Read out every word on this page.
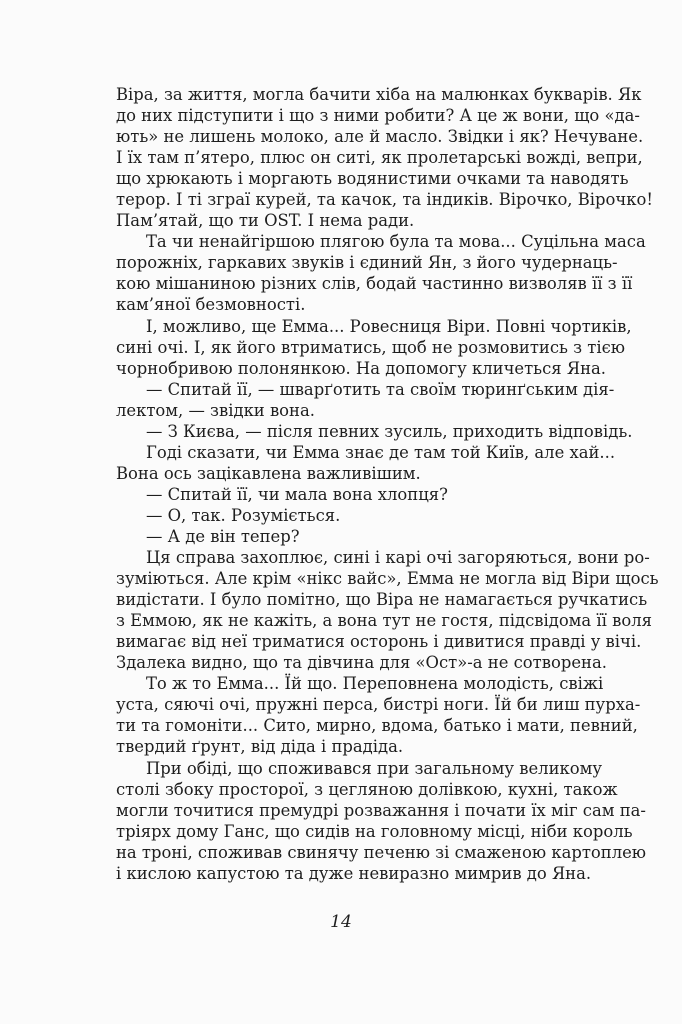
Віра, за життя, могла бачити хіба на малюнках букварів. Як
до них підступити і що з ними робити? А це ж вони, що «да-
ють» не лишень молоко, але й масло. Звідки і як? Нечуване.
І їх там п’ятеро, плюс он ситі, як пролетарські вожді, вепри,
що хрюкають і моргають водянистими очками та наводять
терор. І ті зграї курей, та качок, та індиків. Вірочко, Вірочко!
Пам’ятай, що ти OST. І нема ради.
Та чи ненайгіршою плягою була та мова... Суцільна маса
порожніх, гаркавих звуків і єдиний Ян, з його чудернаць-
кою мішаниною різних слів, бодай частинно визволяв її з її
кам’яної безмовності.
І, можливо, ще Емма... Ровесниця Віри. Повні чортиків,
сині очі. І, як його втриматись, щоб не розмовитись з тією
чорнобривою полонянкою. На допомогу кличеться Яна.
— Спитай її, — шварґотить та своїм тюринґським дія-
лектом, — звідки вона.
— З Києва, — після певних зусиль, приходить відповідь.
Годі сказати, чи Емма знає де там той Київ, але хай...
Вона ось зацікавлена важливішим.
— Спитай її, чи мала вона хлопця?
— О, так. Розуміється.
— А де він тепер?
Ця справа захоплює, сині і карі очі загоряються, вони ро-
зуміються. Але крім «нікс вайс», Емма не могла від Віри щось
видістати. І було помітно, що Віра не намагається ручкатись
з Еммою, як не кажіть, а вона тут не гостя, підсвідома її воля
вимагає від неї триматися осторонь і дивитися правді у вічі.
Здалека видно, що та дівчина для «Ост»-а не сотворена.
То ж то Емма... Їй що. Переповнена молодість, свіжі
уста, сяючі очі, пружні перса, бистрі ноги. Їй би лиш пурха-
ти та гомоніти... Сито, мирно, вдома, батько і мати, певний,
твердий ґрунт, від діда і прадіда.
При обіді, що споживався при загальному великому
столі збоку просторої, з цегляною долівкою, кухні, також
могли точитися премудрі розважання і почати їх міг сам па-
тріярх дому Ганс, що сидів на головному місці, ніби король
на троні, споживав свинячу печеню зі смаженою картоплею
і кислою капустою та дуже невиразно мимрив до Яна.
14
